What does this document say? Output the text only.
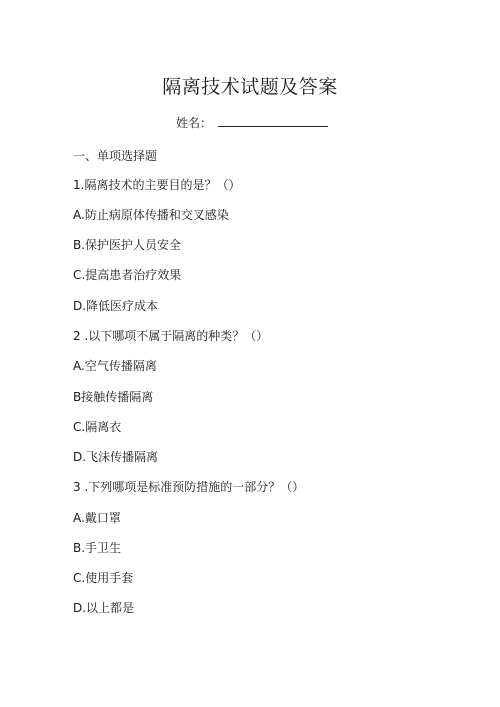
隔离技术试题及答案
姓名：
一、单项选择题
1.隔离技术的主要目的是？（）
A.防止病原体传播和交叉感染
B.保护医护人员安全
C.提高患者治疗效果
D.降低医疗成本
2 .以下哪项不属于隔离的种类？（）
A.空气传播隔离
B接触传播隔离
C.隔离衣
D.飞沫传播隔离
3 .下列哪项是标准预防措施的一部分？（）
A.戴口罩
B.手卫生
C.使用手套
D.以上都是
